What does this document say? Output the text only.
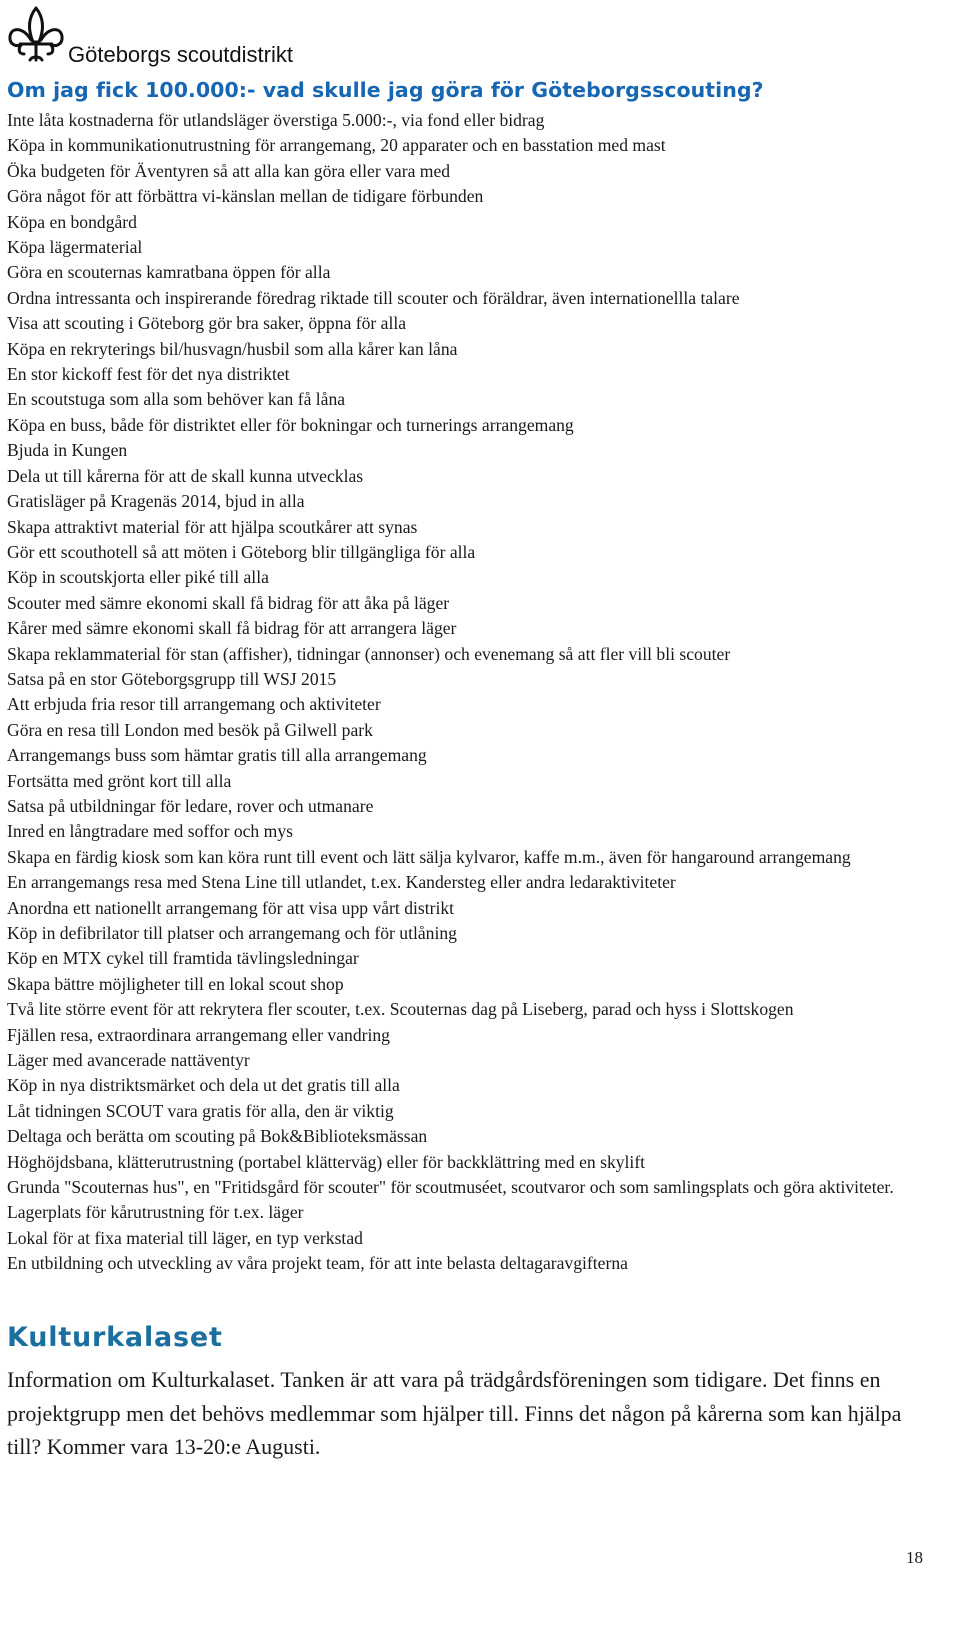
Göteborgs scoutdistrikt
Om jag fick 100.000:- vad skulle jag göra för Göteborgsscouting?
Inte låta kostnaderna för utlandsläger överstiga 5.000:-, via fond eller bidrag
Köpa in kommunikationutrustning för arrangemang, 20 apparater och en basstation med mast
Öka budgeten för Äventyren så att alla kan göra eller vara med
Göra något för att förbättra vi-känslan mellan de tidigare förbunden
Köpa en bondgård
Köpa lägermaterial
Göra en scouternas kamratbana öppen för alla
Ordna intressanta och inspirerande föredrag riktade till scouter och föräldrar, även internationellla talare
Visa att scouting i Göteborg gör bra saker, öppna för alla
Köpa en rekryterings bil/husvagn/husbil som alla kårer kan låna
En stor kickoff fest för det nya distriktet
En scoutstuga som alla som behöver kan få låna
Köpa en buss, både för distriktet eller för bokningar och turnerings arrangemang
Bjuda in Kungen
Dela ut till kårerna för att de skall kunna utvecklas
Gratisläger på Kragenäs 2014, bjud in alla
Skapa attraktivt material för att hjälpa scoutkårer att synas
Gör ett scouthotell så att möten i Göteborg blir tillgängliga för alla
Köp in scoutskjorta eller piké till alla
Scouter med sämre ekonomi skall få bidrag för att åka på läger
Kårer med sämre ekonomi skall få bidrag för att arrangera läger
Skapa reklammaterial för stan (affisher), tidningar (annonser) och evenemang så att fler vill bli scouter
Satsa på en stor Göteborgsgrupp till WSJ 2015
Att erbjuda fria resor till arrangemang och aktiviteter
Göra en resa till London med besök på Gilwell park
Arrangemangs buss som hämtar gratis till alla arrangemang
Fortsätta med grönt kort till alla
Satsa på utbildningar för ledare, rover och utmanare
Inred en långtradare med soffor och mys
Skapa en färdig kiosk som kan köra runt till event och lätt sälja kylvaror, kaffe m.m., även för hangaround arrangemang
En arrangemangs resa med Stena Line till utlandet, t.ex. Kandersteg eller andra ledaraktiviteter
Anordna ett nationellt arrangemang för att visa upp vårt distrikt
Köp in defibrilator till platser och arrangemang och för utlåning
Köp en MTX cykel till framtida tävlingsledningar
Skapa bättre möjligheter till en lokal scout shop
Två lite större event för att rekrytera fler scouter, t.ex. Scouternas dag på Liseberg, parad och hyss i Slottskogen
Fjällen resa, extraordinara arrangemang eller vandring
Läger med avancerade nattäventyr
Köp in nya distriktsmärket och dela ut det gratis till alla
Låt tidningen SCOUT vara gratis för alla, den är viktig
Deltaga och berätta om scouting på Bok&Biblioteksmässan
Höghöjdsbana, klätterutrustning (portabel klätterväg) eller för backklättring med en skylift
Grunda "Scouternas hus", en "Fritidsgård för scouter" för scoutmuséet, scoutvaror och som samlingsplats och göra aktiviteter.
Lagerplats för kårutrustning för t.ex. läger
Lokal för at fixa material till läger, en typ verkstad
En utbildning och utveckling av våra projekt team, för att inte belasta deltagaravgifterna
Kulturkalaset

Information om Kulturkalaset. Tanken är att vara på trädgårdsföreningen som tidigare. Det finns en projektgrupp men det behövs medlemmar som hjälper till. Finns det någon på kårerna som kan hjälpa till? Kommer vara 13-20:e Augusti.

18
